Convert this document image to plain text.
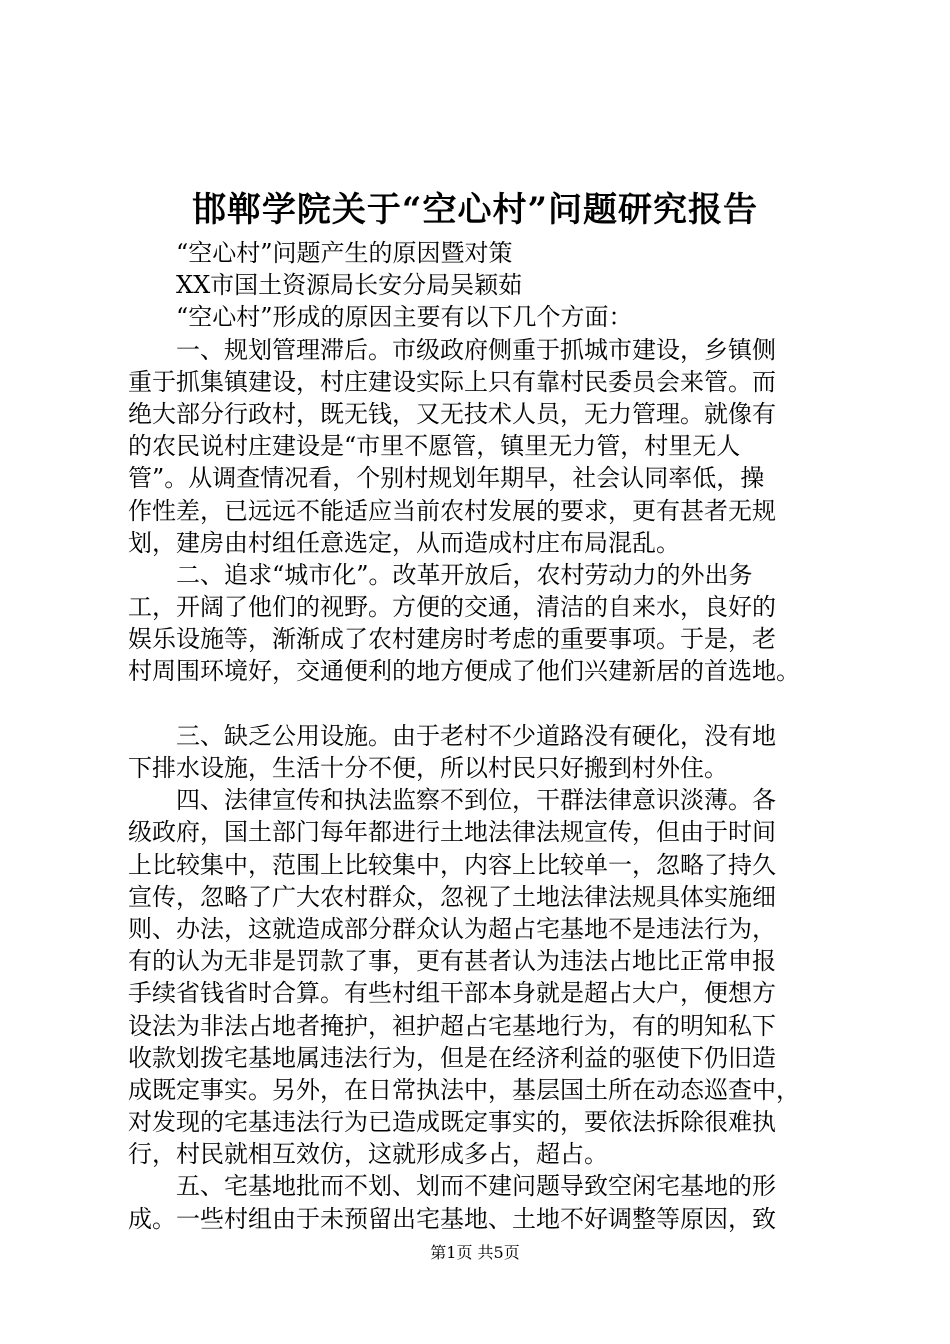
邯郸学院关于“空心村”问题研究报告
“空心村”问题产生的原因暨对策
XX市国土资源局长安分局吴颖茹
“空心村”形成的原因主要有以下几个方面：
一、规划管理滞后。市级政府侧重于抓城市建设，乡镇侧
重于抓集镇建设，村庄建设实际上只有靠村民委员会来管。而
绝大部分行政村，既无钱，又无技术人员，无力管理。就像有
的农民说村庄建设是“市里不愿管，镇里无力管，村里无人
管”。从调查情况看，个别村规划年期早，社会认同率低，操
作性差，已远远不能适应当前农村发展的要求，更有甚者无规
划，建房由村组任意选定，从而造成村庄布局混乱。
二、追求“城市化”。改革开放后，农村劳动力的外出务
工，开阔了他们的视野。方便的交通，清洁的自来水，良好的
娱乐设施等，渐渐成了农村建房时考虑的重要事项。于是，老
村周围环境好，交通便利的地方便成了他们兴建新居的首选地。
三、缺乏公用设施。由于老村不少道路没有硬化，没有地
下排水设施，生活十分不便，所以村民只好搬到村外住。
四、法律宣传和执法监察不到位，干群法律意识淡薄。各
级政府，国土部门每年都进行土地法律法规宣传，但由于时间
上比较集中，范围上比较集中，内容上比较单一，忽略了持久
宣传，忽略了广大农村群众，忽视了土地法律法规具体实施细
则、办法，这就造成部分群众认为超占宅基地不是违法行为，
有的认为无非是罚款了事，更有甚者认为违法占地比正常申报
手续省钱省时合算。有些村组干部本身就是超占大户，便想方
设法为非法占地者掩护，袒护超占宅基地行为，有的明知私下
收款划拨宅基地属违法行为，但是在经济利益的驱使下仍旧造
成既定事实。另外，在日常执法中，基层国土所在动态巡查中，
对发现的宅基违法行为已造成既定事实的，要依法拆除很难执
行，村民就相互效仿，这就形成多占，超占。
五、宅基地批而不划、划而不建问题导致空闲宅基地的形
成。一些村组由于未预留出宅基地、土地不好调整等原因，致
第1页 共5页
